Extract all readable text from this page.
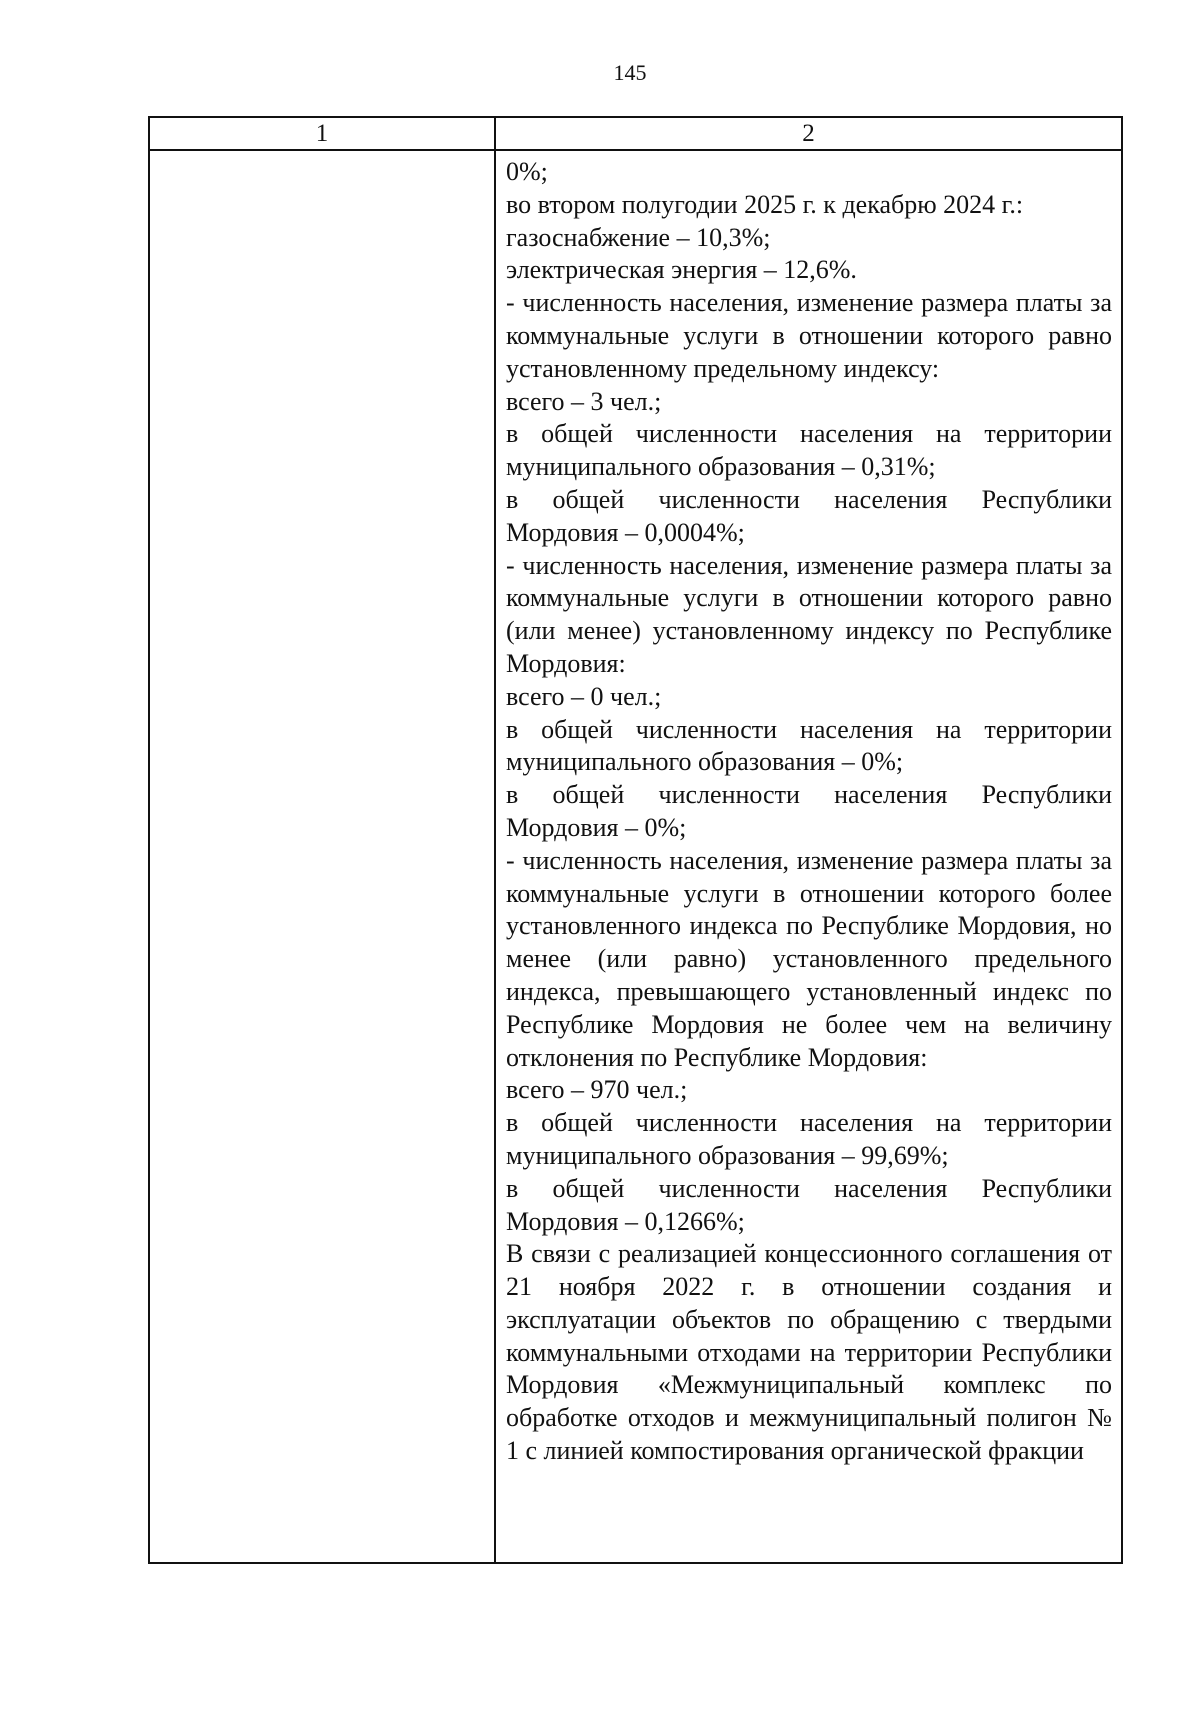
145
1	2

0%;

во втором полугодии 2025 г. к декабрю 2024 г.:

газоснабжение – 10,3%;

электрическая энергия – 12,6%.

- численность населения, изменение размера платы за коммунальные услуги в отношении которого равно установленному предельному индексу:

всего – 3 чел.;

в общей численности населения на территории муниципального образования – 0,31%;

в общей численности населения Республики Мордовия – 0,0004%;

- численность населения, изменение размера платы за коммунальные услуги в отношении которого равно (или менее) установленному индексу по Республике Мордовия:

всего – 0 чел.;

в общей численности населения на территории муниципального образования – 0%;

в общей численности населения Республики Мордовия – 0%;

- численность населения, изменение размера платы за коммунальные услуги в отношении которого более установленного индекса по Республике Мордовия, но менее (или равно) установленного предельного индекса, превышающего установленный индекс по Республике Мордовия не более чем на величину отклонения по Республике Мордовия:

всего – 970 чел.;

в общей численности населения на территории муниципального образования – 99,69%;

в общей численности населения Республики Мордовия – 0,1266%;

В связи с реализацией концессионного соглашения от 21 ноября 2022 г. в отношении создания и эксплуатации объектов по обращению с твердыми коммунальными отходами на территории Республики Мордовия «Межмуниципальный комплекс по обработке отходов и межмуниципальный полигон № 1 с линией компостирования органической фракции
